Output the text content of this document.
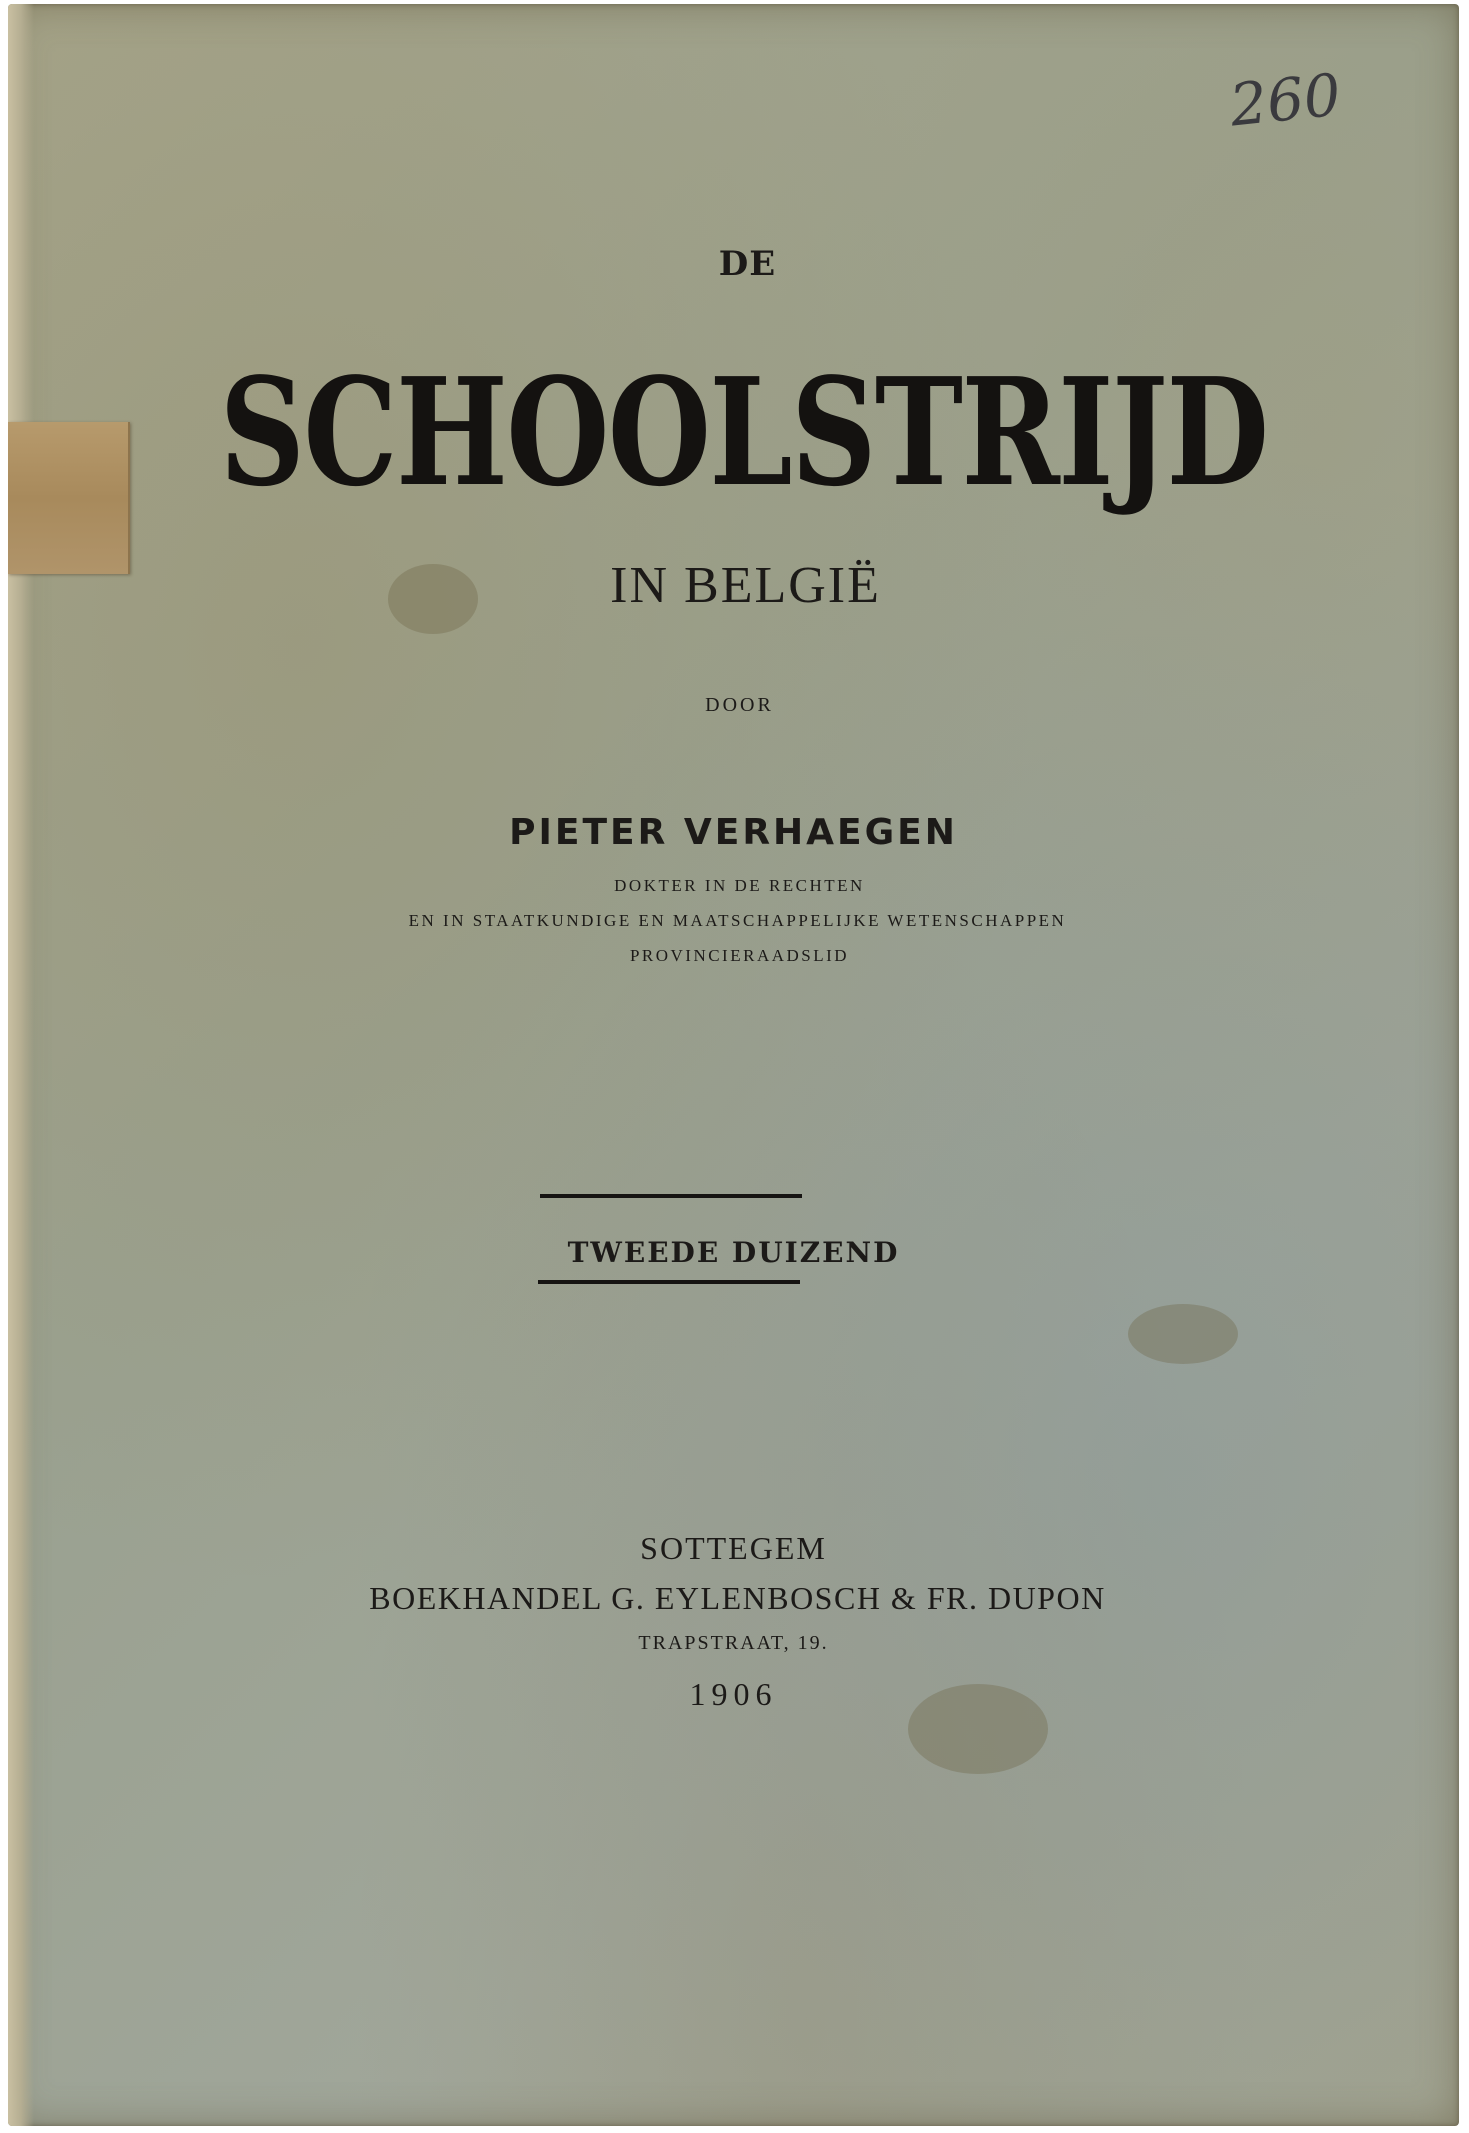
260
DE
SCHOOLSTRIJD
IN BELGIË
DOOR
PIETER VERHAEGEN
DOKTER IN DE RECHTEN
EN IN STAATKUNDIGE EN MAATSCHAPPELIJKE WETENSCHAPPEN
PROVINCIERAADSLID
TWEEDE DUIZEND
SOTTEGEM
BOEKHANDEL G. EYLENBOSCH & FR. DUPON
TRAPSTRAAT, 19.
1906
